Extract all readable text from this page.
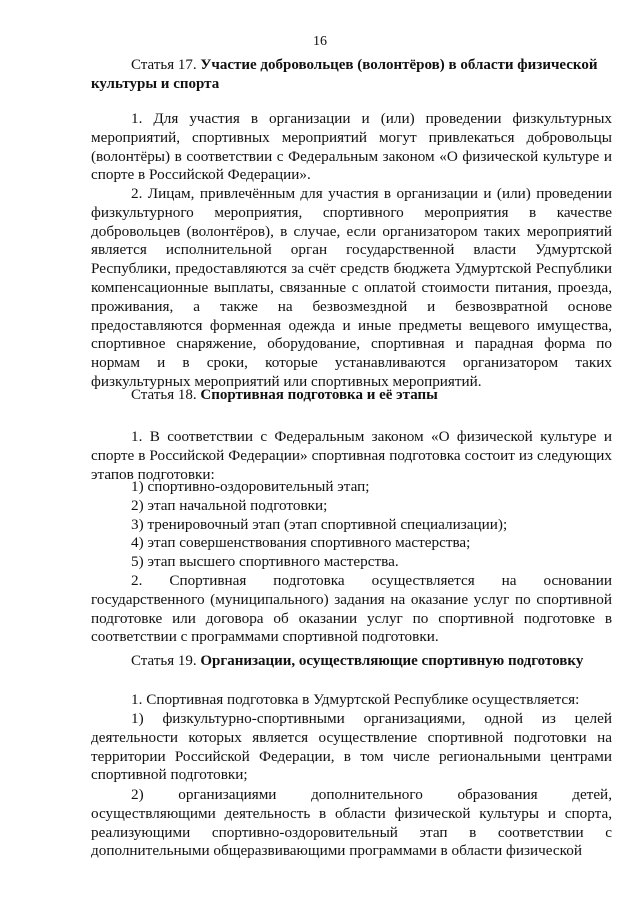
16
Статья 17. Участие добровольцев (волонтёров) в области физической культуры и спорта
1. Для участия в организации и (или) проведении физкультурных мероприятий, спортивных мероприятий могут привлекаться добровольцы (волонтёры) в соответствии с Федеральным законом «О физической культуре и спорте в Российской Федерации».
2. Лицам, привлечённым для участия в организации и (или) проведении физкультурного мероприятия, спортивного мероприятия в качестве добровольцев (волонтёров), в случае, если организатором таких мероприятий является исполнительной орган государственной власти Удмуртской Республики, предоставляются за счёт средств бюджета Удмуртской Республики компенсационные выплаты, связанные с оплатой стоимости питания, проезда, проживания, а также на безвозмездной и безвозвратной основе предоставляются форменная одежда и иные предметы вещевого имущества, спортивное снаряжение, оборудование, спортивная и парадная форма по нормам и в сроки, которые устанавливаются организатором таких физкультурных мероприятий или спортивных мероприятий.
Статья 18. Спортивная подготовка и её этапы
1. В соответствии с Федеральным законом «О физической культуре и спорте в Российской Федерации» спортивная подготовка состоит из следующих этапов подготовки:
1) спортивно-оздоровительный этап;
2) этап начальной подготовки;
3) тренировочный этап (этап спортивной специализации);
4) этап совершенствования спортивного мастерства;
5) этап высшего спортивного мастерства.
2. Спортивная подготовка осуществляется на основании государственного (муниципального) задания на оказание услуг по спортивной подготовке или договора об оказании услуг по спортивной подготовке в соответствии с программами спортивной подготовки.
Статья 19. Организации, осуществляющие спортивную подготовку
1. Спортивная подготовка в Удмуртской Республике осуществляется:
1) физкультурно-спортивными организациями, одной из целей деятельности которых является осуществление спортивной подготовки на территории Российской Федерации, в том числе региональными центрами спортивной подготовки;
2) организациями дополнительного образования детей, осуществляющими деятельность в области физической культуры и спорта, реализующими спортивно-оздоровительный этап в соответствии с дополнительными общеразвивающими программами в области физической
